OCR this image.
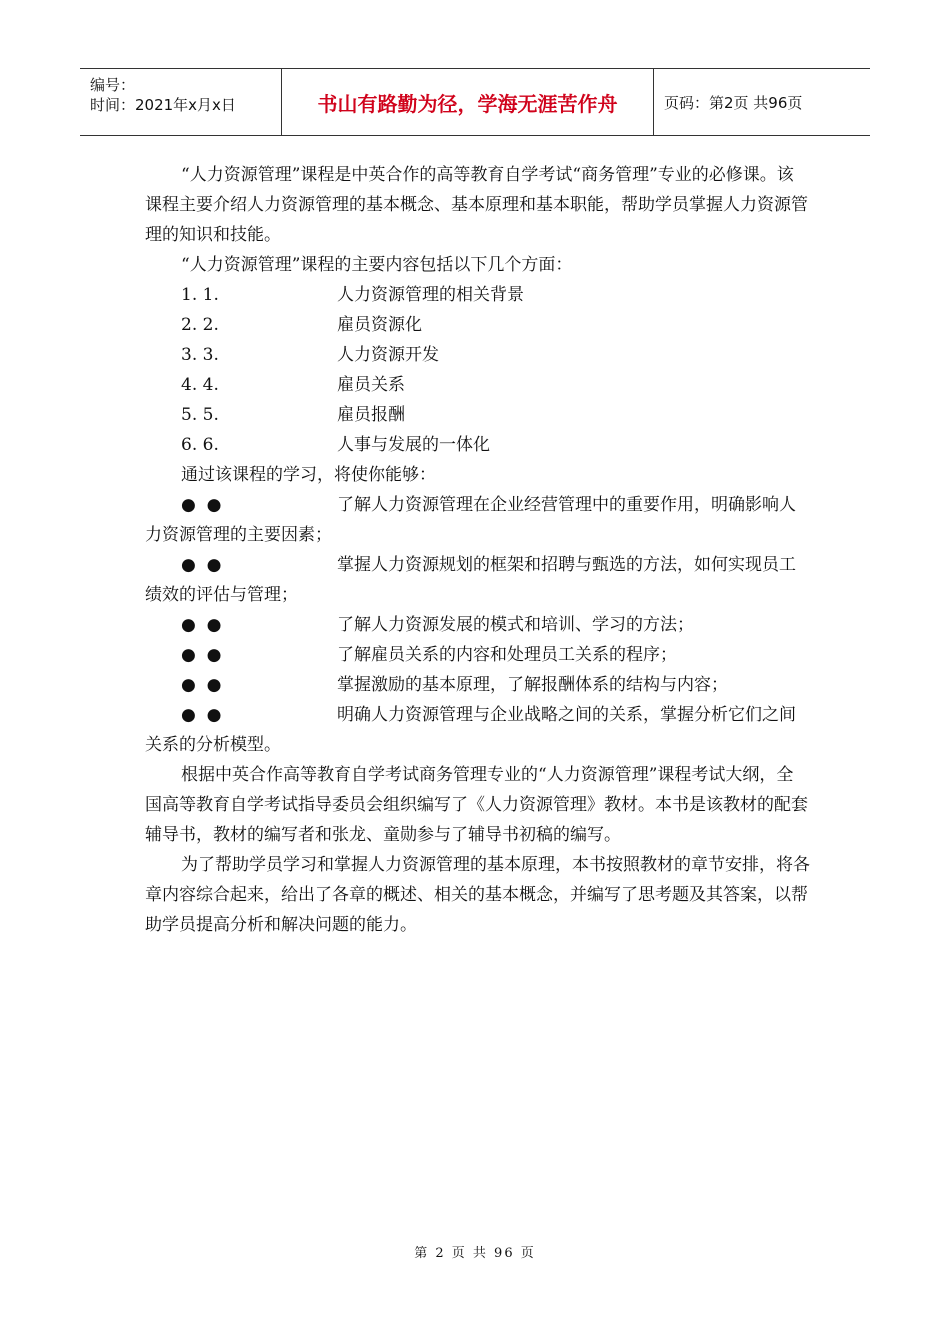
编号：
时间：2021年x月x日	书山有路勤为径，学海无涯苦作舟	页码：第2页 共96页

“人力资源管理”课程是中英合作的高等教育自学考试“商务管理”专业的必修课。该课程主要介绍人力资源管理的基本概念、基本原理和基本职能，帮助学员掌握人力资源管理的知识和技能。

“人力资源管理”课程的主要内容包括以下几个方面：

1. 1.	人力资源管理的相关背景
2. 2.	雇员资源化
3. 3.	人力资源开发
4. 4.	雇员关系
5. 5.	雇员报酬
6. 6.	人事与发展的一体化

通过该课程的学习，将使你能够：

●  ●	了解人力资源管理在企业经营管理中的重要作用，明确影响人力资源管理的主要因素；

●  ●	掌握人力资源规划的框架和招聘与甄选的方法，如何实现员工绩效的评估与管理；

●  ●	了解人力资源发展的模式和培训、学习的方法；

●  ●	了解雇员关系的内容和处理员工关系的程序；

●  ●	掌握激励的基本原理，了解报酬体系的结构与内容；

●  ●	明确人力资源管理与企业战略之间的关系，掌握分析它们之间关系的分析模型。

根据中英合作高等教育自学考试商务管理专业的“人力资源管理”课程考试大纲，全国高等教育自学考试指导委员会组织编写了《人力资源管理》教材。本书是该教材的配套辅导书，教材的编写者和张龙、童勋参与了辅导书初稿的编写。

为了帮助学员学习和掌握人力资源管理的基本原理，本书按照教材的章节安排，将各章内容综合起来，给出了各章的概述、相关的基本概念，并编写了思考题及其答案，以帮助学员提高分析和解决问题的能力。

第 2 页 共 96 页
